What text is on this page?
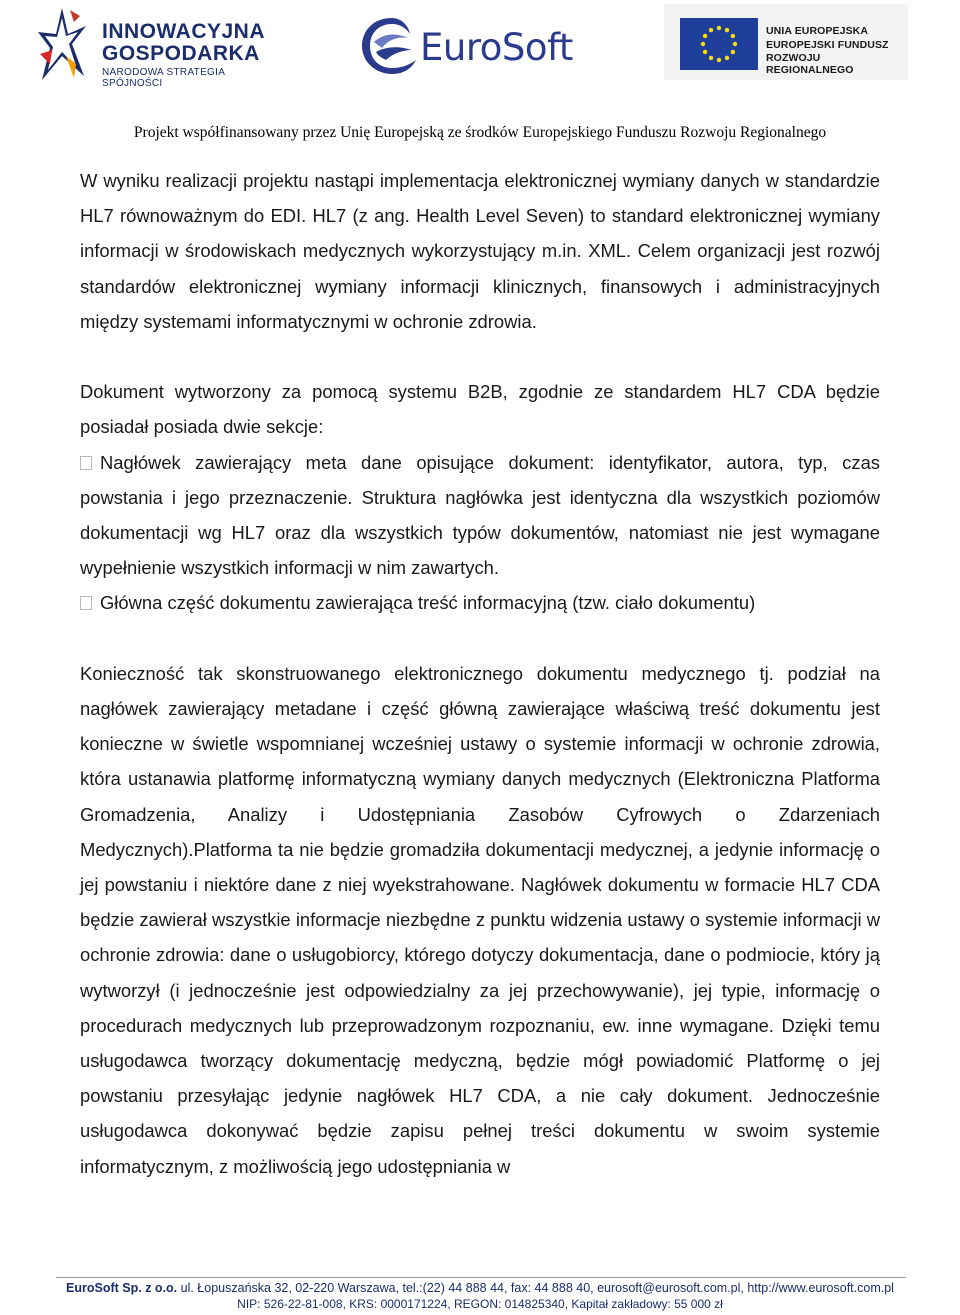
INNOWACYJNA
GOSPODARKA
NARODOWA STRATEGIA SPÓJNOŚCI
EuroSoft	UNIA EUROPEJSKA
EUROPEJSKI FUNDUSZ
ROZWOJU REGIONALNEGO
Projekt współfinansowany przez Unię Europejską ze środków Europejskiego Funduszu Rozwoju Regionalnego

W wyniku realizacji projektu nastąpi implementacja elektronicznej wymiany danych w standardzie HL7 równoważnym do EDI. HL7 (z ang. Health Level Seven) to standard elektronicznej wymiany informacji w środowiskach medycznych wykorzystujący m.in. XML. Celem organizacji jest rozwój standardów elektronicznej wymiany informacji klinicznych, finansowych i administracyjnych między systemami informatycznymi w ochronie zdrowia.

Dokument wytworzony za pomocą systemu B2B, zgodnie ze standardem HL7 CDA będzie posiadał posiada dwie sekcje:

Nagłówek zawierający meta dane opisujące dokument: identyfikator, autora, typ, czas powstania i jego przeznaczenie. Struktura nagłówka jest identyczna dla wszystkich poziomów dokumentacji wg HL7 oraz dla wszystkich typów dokumentów, natomiast nie jest wymagane wypełnienie wszystkich informacji w nim zawartych.

Główna część dokumentu zawierająca treść informacyjną (tzw. ciało dokumentu)

Konieczność tak skonstruowanego elektronicznego dokumentu medycznego tj. podział na nagłówek zawierający metadane i część główną zawierające właściwą treść dokumentu jest konieczne w świetle wspomnianej wcześniej ustawy o systemie informacji w ochronie zdrowia, która ustanawia platformę informatyczną wymiany danych medycznych (Elektroniczna Platforma Gromadzenia, Analizy i Udostępniania Zasobów Cyfrowych o Zdarzeniach Medycznych).Platforma ta nie będzie gromadziła dokumentacji medycznej, a jedynie informację o jej powstaniu i niektóre dane z niej wyekstrahowane. Nagłówek dokumentu w formacie HL7 CDA będzie zawierał wszystkie informacje niezbędne z punktu widzenia ustawy o systemie informacji w ochronie zdrowia: dane o usługobiorcy, którego dotyczy dokumentacja, dane o podmiocie, który ją wytworzył (i jednocześnie jest odpowiedzialny za jej przechowywanie), jej typie, informację o procedurach medycznych lub przeprowadzonym rozpoznaniu, ew. inne wymagane. Dzięki temu usługodawca tworzący dokumentację medyczną, będzie mógł powiadomić Platformę o jej powstaniu przesyłając jedynie nagłówek HL7 CDA, a nie cały dokument. Jednocześnie usługodawca dokonywać będzie zapisu pełnej treści dokumentu w swoim systemie informatycznym, z możliwością jego udostępniania w

EuroSoft Sp. z o.o. ul. Łopuszańska 32, 02-220 Warszawa, tel.:(22) 44 888 44, fax: 44 888 40, eurosoft@eurosoft.com.pl, http://www.eurosoft.com.pl
NIP: 526-22-81-008, KRS: 0000171224, REGON: 014825340, Kapitał zakładowy: 55 000 zł
